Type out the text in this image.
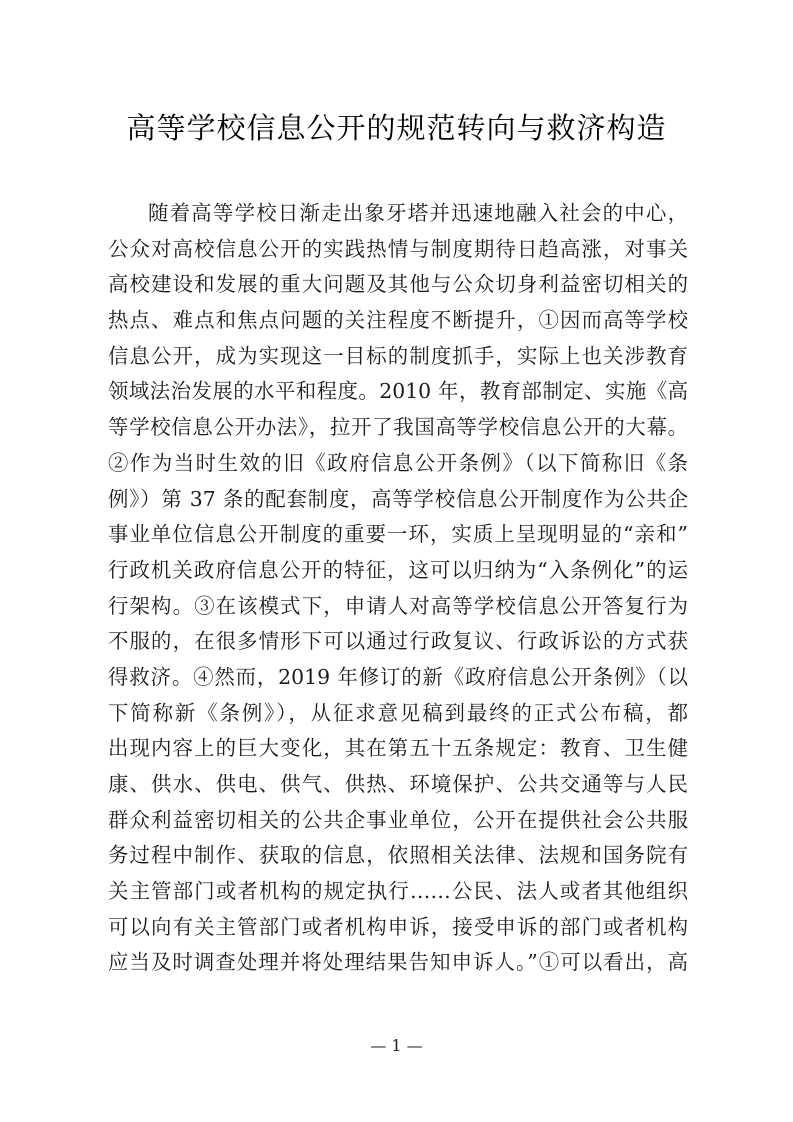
高等学校信息公开的规范转向与救济构造
随着高等学校日渐走出象牙塔并迅速地融入社会的中心，
公众对高校信息公开的实践热情与制度期待日趋高涨，对事关
高校建设和发展的重大问题及其他与公众切身利益密切相关的
热点、难点和焦点问题的关注程度不断提升，①因而高等学校
信息公开，成为实现这一目标的制度抓手，实际上也关涉教育
领域法治发展的水平和程度。2010 年，教育部制定、实施《高
等学校信息公开办法》，拉开了我国高等学校信息公开的大幕。
②作为当时生效的旧《政府信息公开条例》（以下简称旧《条
例》）第 37 条的配套制度，高等学校信息公开制度作为公共企
事业单位信息公开制度的重要一环，实质上呈现明显的“亲和”
行政机关政府信息公开的特征，这可以归纳为“入条例化”的运
行架构。③在该模式下，申请人对高等学校信息公开答复行为
不服的，在很多情形下可以通过行政复议、行政诉讼的方式获
得救济。④然而，2019 年修订的新《政府信息公开条例》（以
下简称新《条例》），从征求意见稿到最终的正式公布稿，都
出现内容上的巨大变化，其在第五十五条规定：教育、卫生健
康、供水、供电、供气、供热、环境保护、公共交通等与人民
群众利益密切相关的公共企事业单位，公开在提供社会公共服
务过程中制作、获取的信息，依照相关法律、法规和国务院有
关主管部门或者机构的规定执行……公民、法人或者其他组织
可以向有关主管部门或者机构申诉，接受申诉的部门或者机构
应当及时调查处理并将处理结果告知申诉人。”①可以看出，高
— 1 —
